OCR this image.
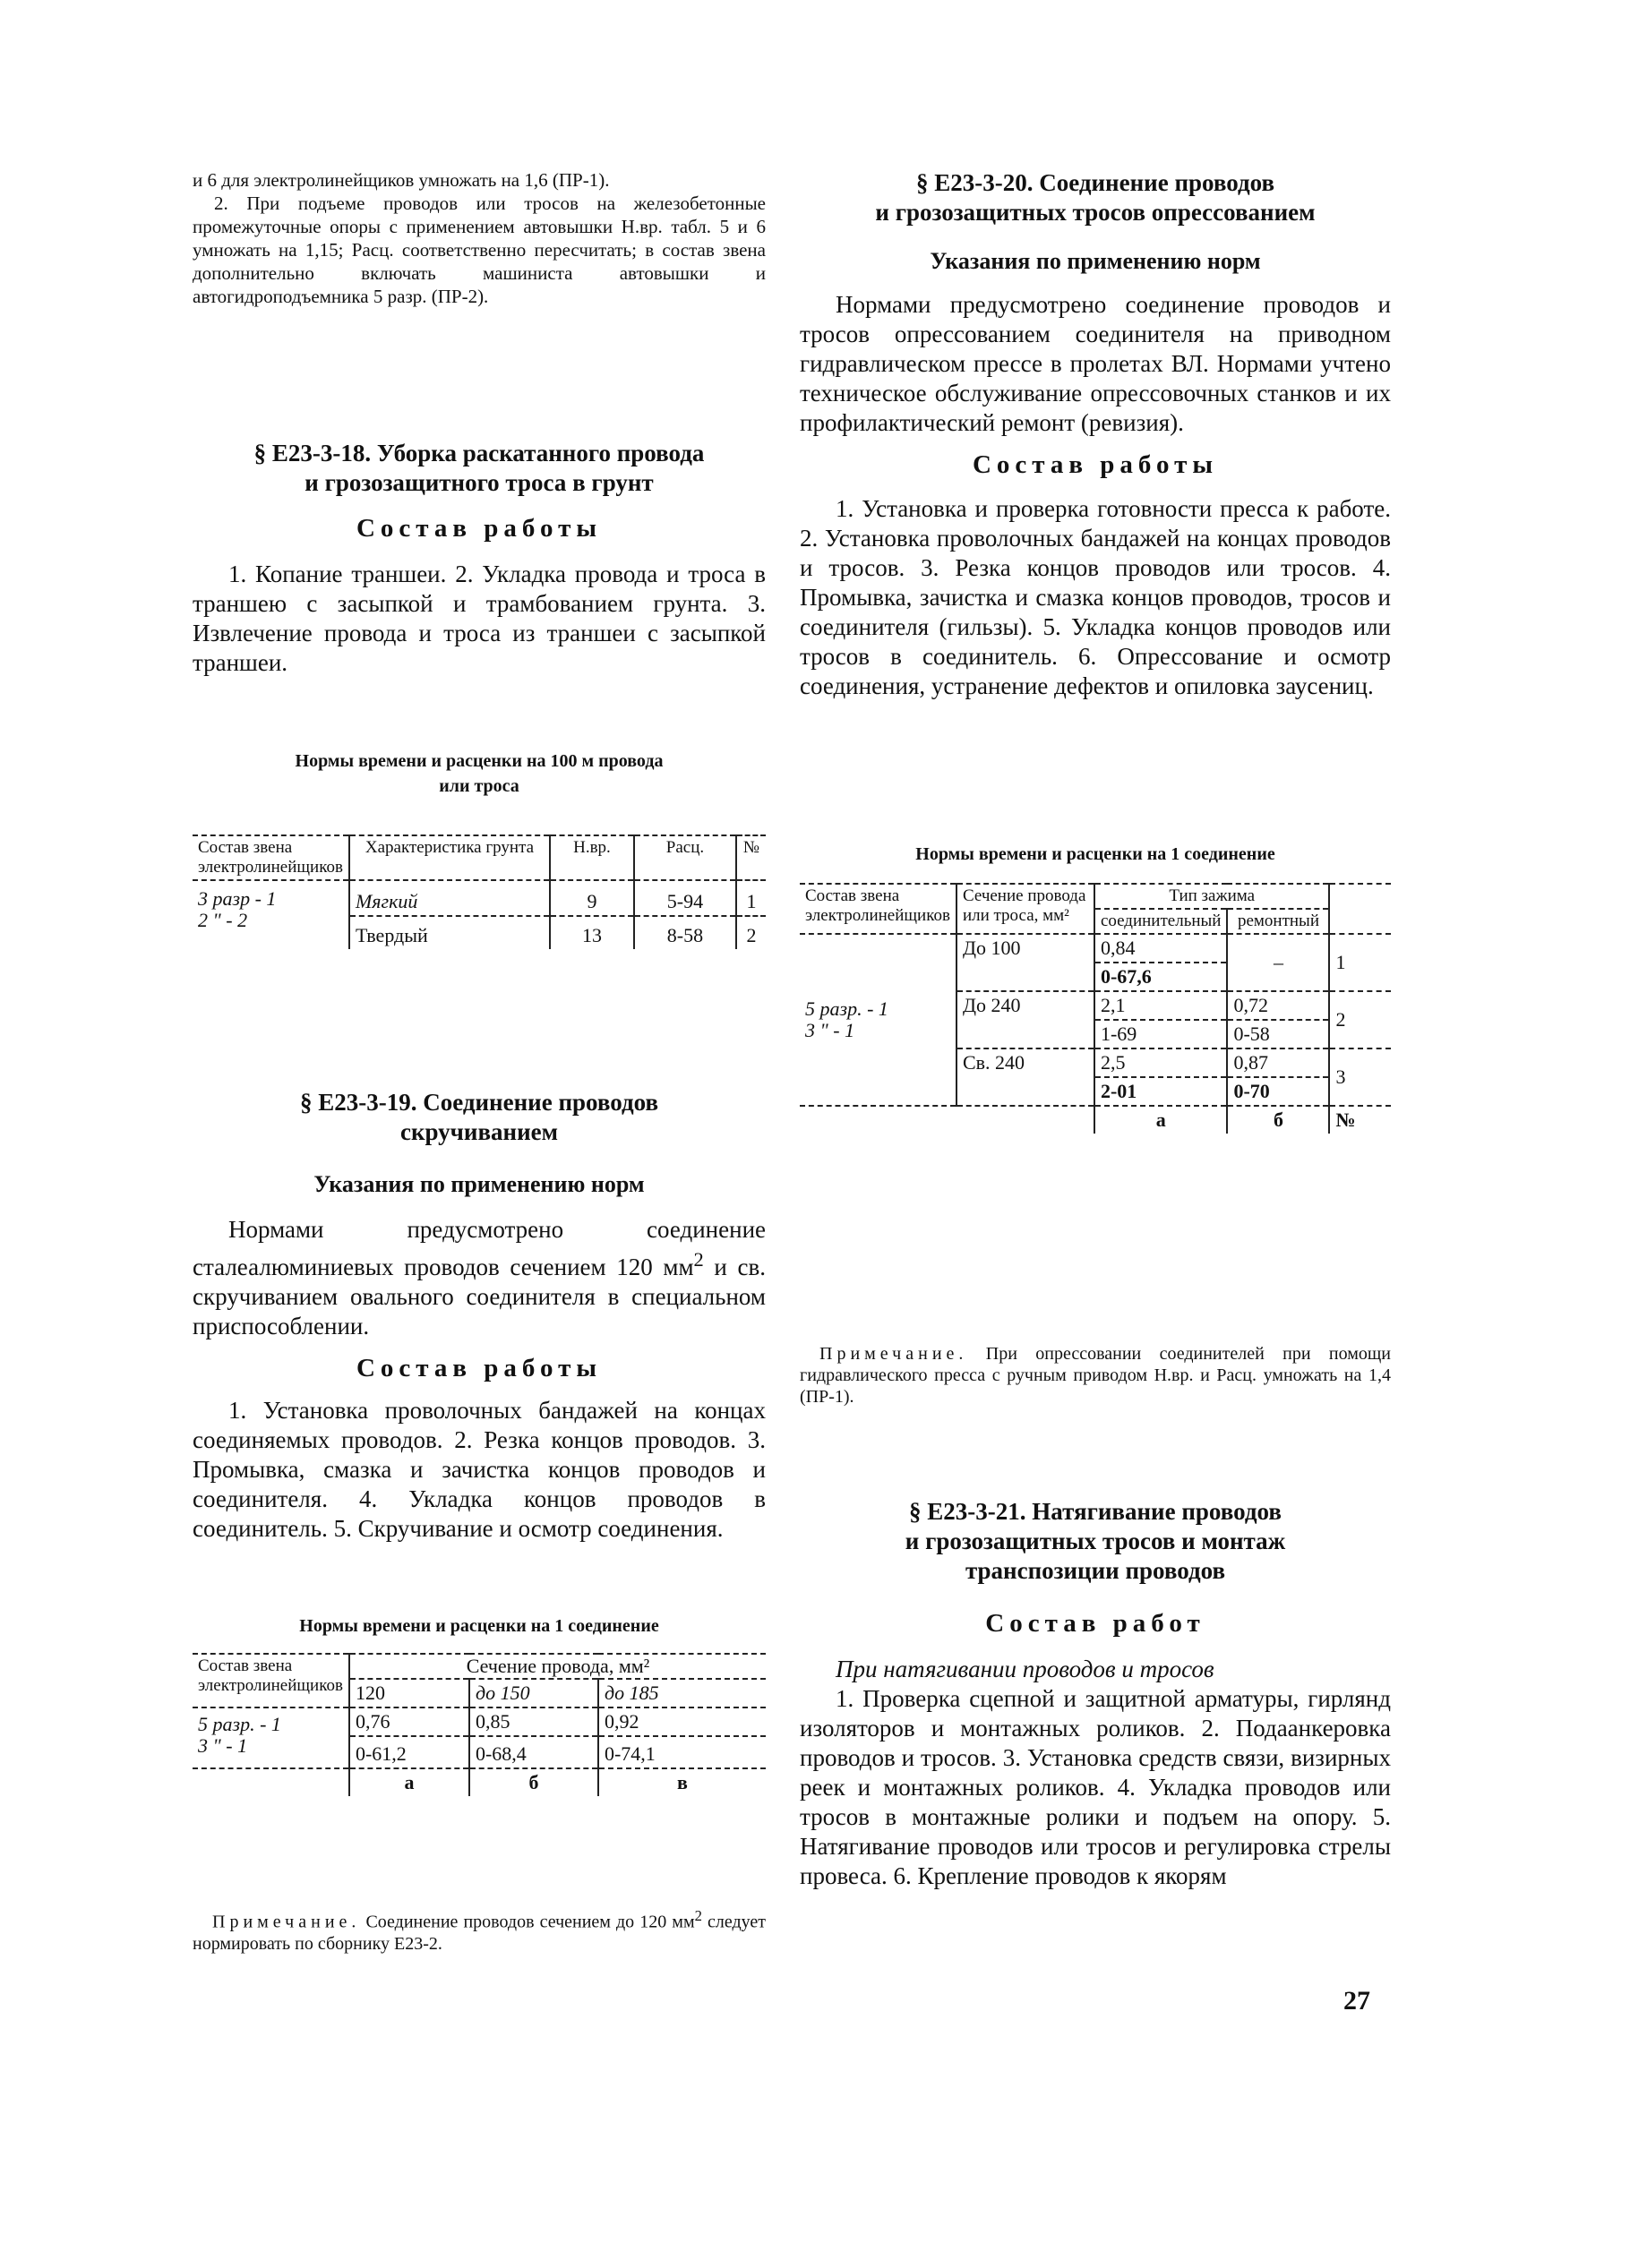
и 6 для электролинейщиков умножать на 1,6 (ПР-1).

2. При подъеме проводов или тросов на железобетонные промежуточные опоры с применением автовышки Н.вр. табл. 5 и 6 умножать на 1,15; Расц. соответственно пересчитать; в состав звена дополнительно включать машиниста автовышки и автогидроподъемника 5 разр. (ПР-2).

§ Е23-3-18. Уборка раскатанного провода

и грозозащитного троса в грунт

Состав работы

1. Копание траншеи. 2. Укладка провода и троса в траншею с засыпкой и трамбованием грунта. 3. Извлечение провода и троса из траншеи с засыпкой траншеи.

Нормы времени и расценки на 100 м провода

или троса

Состав звена электролинейщиков	Характеристика грунта	Н.вр.	Расц.	№

3 разр - 1
2 " - 2	Мягкий	9	5-94	1
	Твердый	13	8-58	2

§ Е23-3-19. Соединение проводов

скручиванием

Указания по применению норм

Нормами предусмотрено соединение сталеалюминиевых проводов сечением 120 $мм^2$ и св. скручиванием овального соединителя в специальном приспособлении.

Состав работы

1. Установка проволочных бандажей на концах соединяемых проводов. 2. Резка концов проводов. 3. Промывка, смазка и зачистка концов проводов и соединителя. 4. Укладка концов проводов в соединитель. 5. Скручивание и осмотр соединения.

Нормы времени и расценки на 1 соединение

Состав звена электролинейщиков	Сечение провода, мм²		
	120	до 150	до 185

5 разр. - 1
3 " - 1	0,76	0,85	0,92
	0-61,2	0-68,4	0-74,1
	а	б	в

Примечание. Соединение проводов сечением до 120 $мм^2$ следует нормировать по сборнику Е23-2.

§ Е23-3-20. Соединение проводов

и грозозащитных тросов опрессованием

Указания по применению норм

Нормами предусмотрено соединение проводов и тросов опрессованием соединителя на приводном гидравлическом прессе в пролетах ВЛ. Нормами учтено техническое обслуживание опрессовочных станков и их профилактический ремонт (ревизия).

Состав работы

1. Установка и проверка готовности пресса к работе. 2. Установка проволочных бандажей на концах проводов и тросов. 3. Резка концов проводов или тросов. 4. Промывка, зачистка и смазка концов проводов, тросов и соединителя (гильзы). 5. Укладка концов проводов или тросов в соединитель. 6. Опрессование и осмотр соединения, устранение дефектов и опиловка заусениц.

Нормы времени и расценки на 1 соединение

Состав звена электролинейщиков	Сечение провода или троса, мм²	Тип зажима		
		соединительный	ремонтный	

5 разр. - 1
3 " - 1	До 100	0,84	–	1
		0-67,6		
	До 240	2,1	0,72	2
		1-69	0-58	
	Св. 240	2,5	0,87	3
		2-01	0-70	
		а	б	№

Примечание. При опрессовании соединителей при помощи гидравлического пресса с ручным приводом Н.вр. и Расц. умножать на 1,4 (ПР-1).

§ Е23-3-21. Натягивание проводов

и грозозащитных тросов и монтаж

транспозиции проводов

Состав работ

При натягивании проводов и тросов

1. Проверка сцепной и защитной арматуры, гирлянд изоляторов и монтажных роликов. 2. Подаанкеровка проводов и тросов. 3. Установка средств связи, визирных реек и монтажных роликов. 4. Укладка проводов или тросов в монтажные ролики и подъем на опору. 5. Натягивание проводов или тросов и регулировка стрелы провеса. 6. Крепление проводов к якорям

27
